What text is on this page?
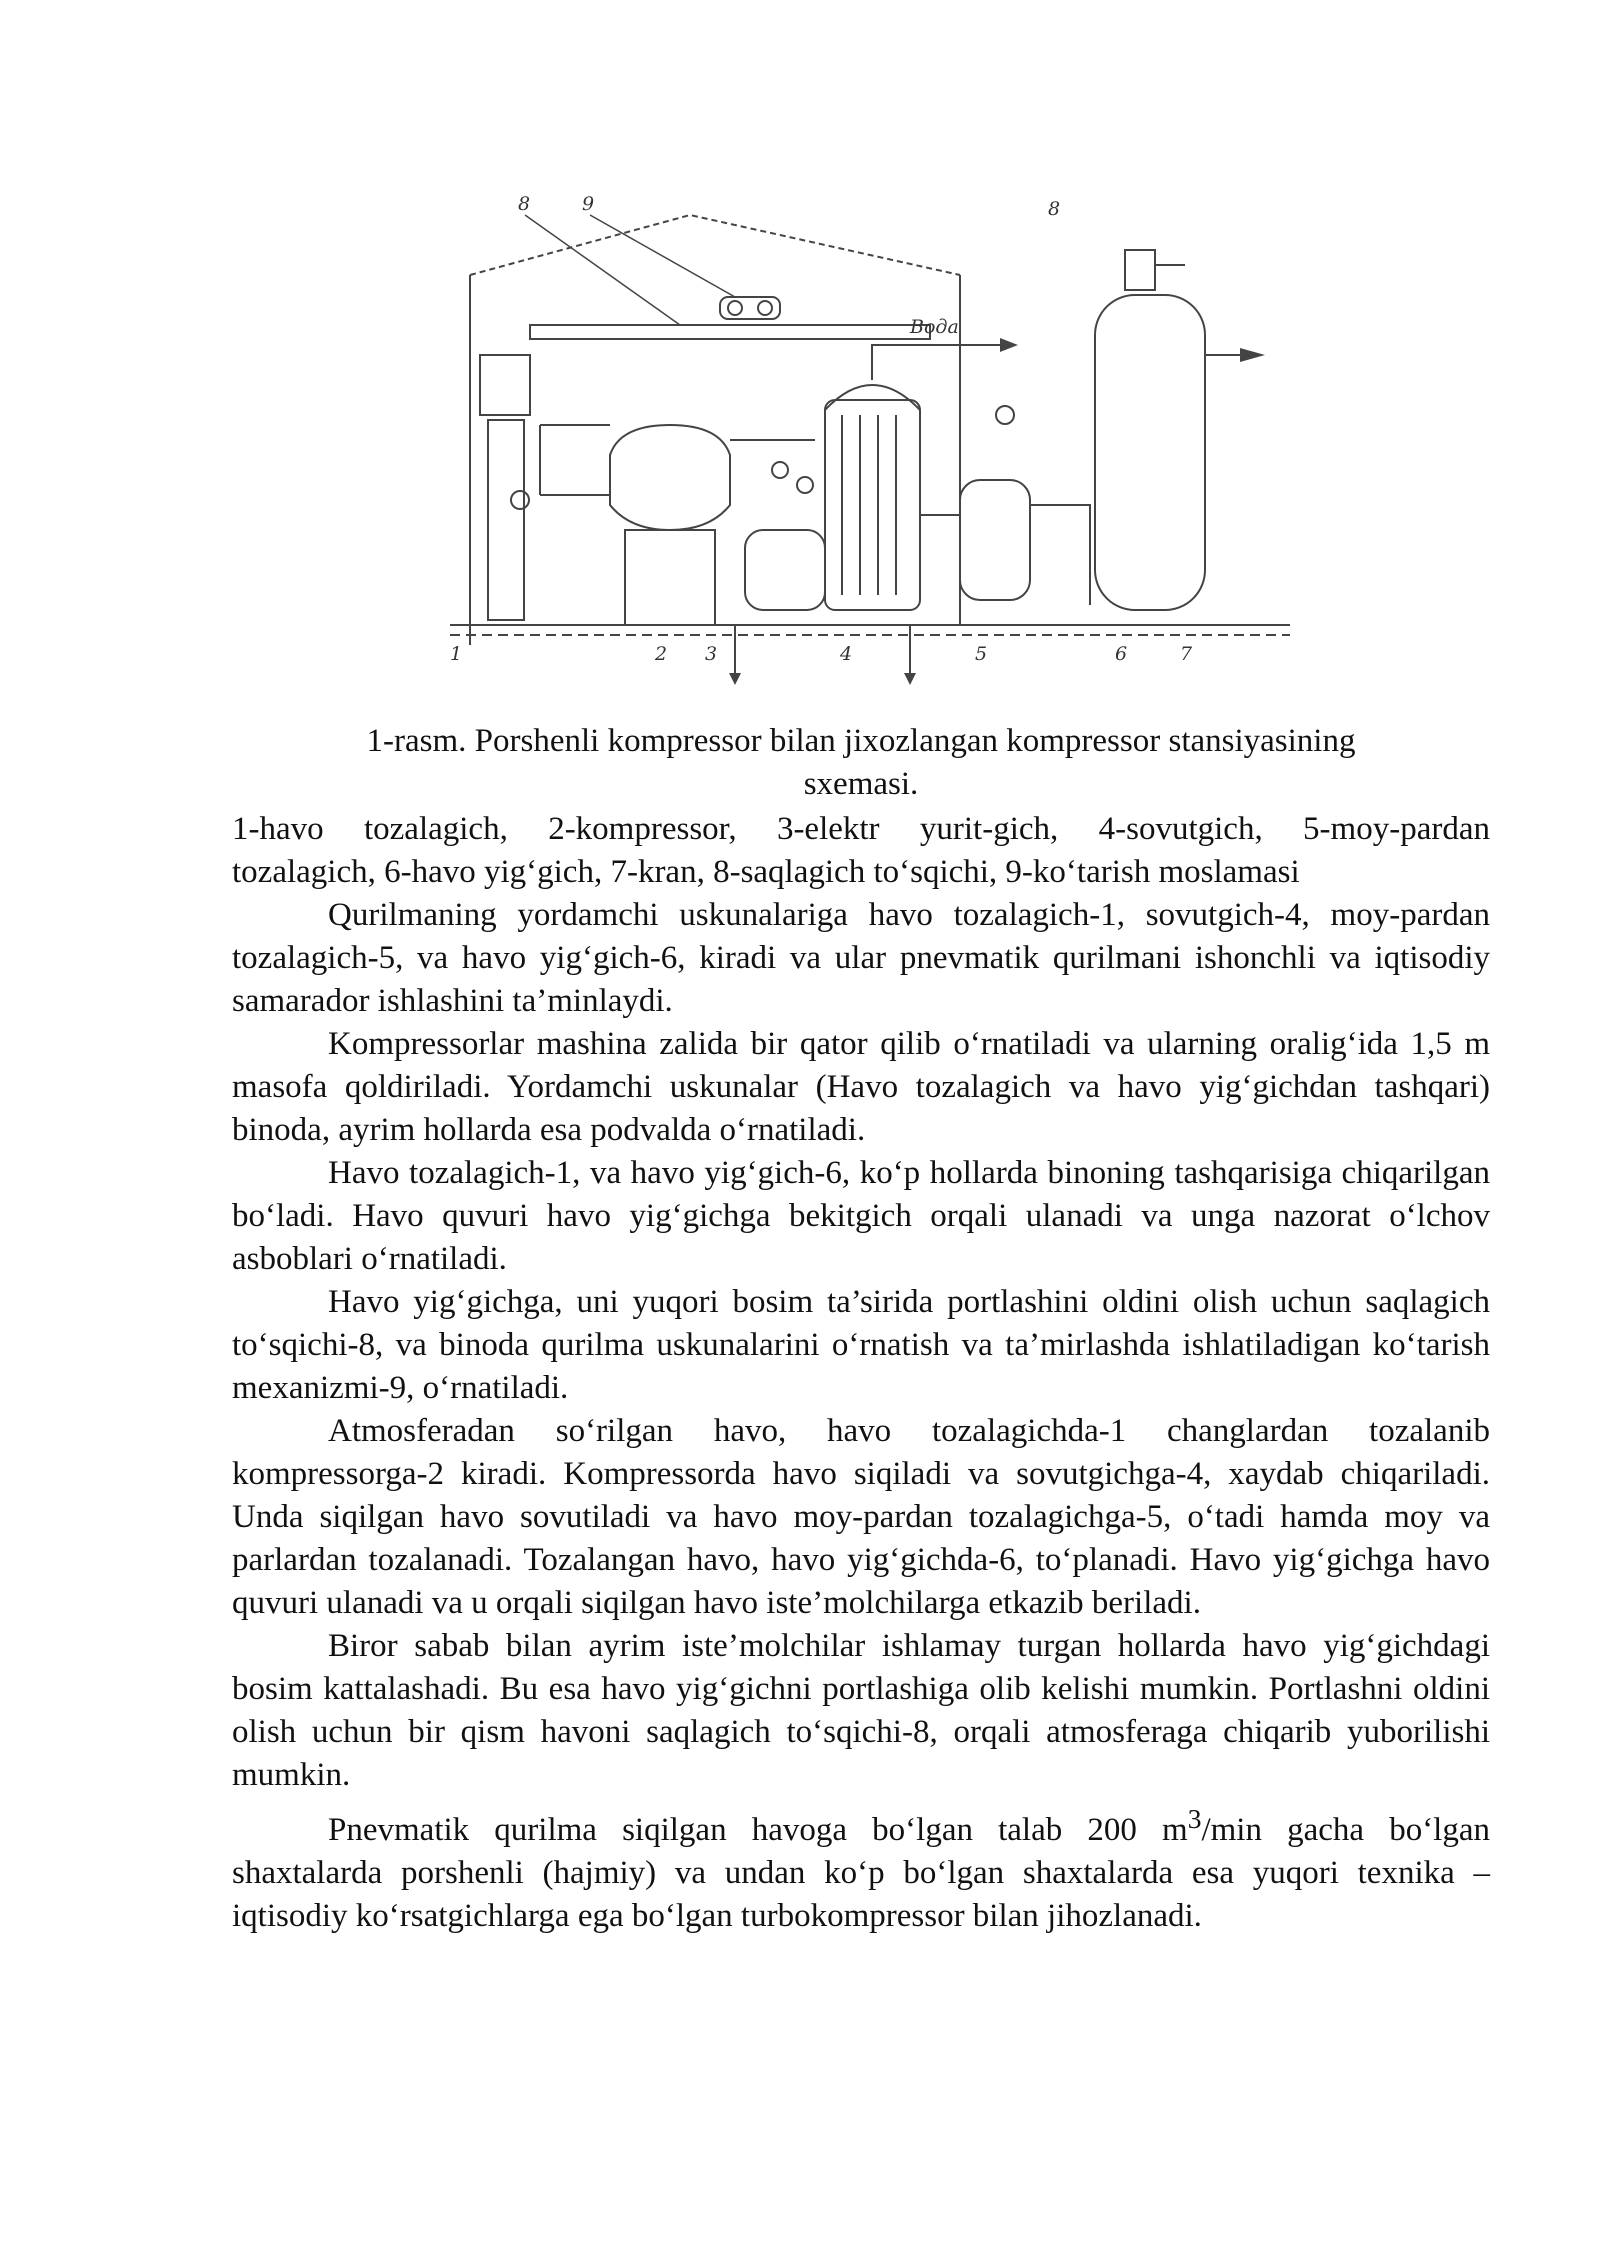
1	2 3	4	5	6	7
8	9	8
Вода
1-rasm. Porshenli kompressor bilan jixozlangan kompressor stansiyasining
sxemasi.
1-havo tozalagich, 2-kompressor, 3-elektr yurit-gich, 4-sovutgich, 5-moy-pardan
tozalagich, 6-havo yig‘gich, 7-kran, 8-saqlagich to‘sqichi, 9-ko‘tarish moslamasi

Qurilmaning yordamchi uskunalariga havo tozalagich-1, sovutgich-4, moy-pardan tozalagich-5, va havo yig‘gich-6, kiradi va ular pnevmatik qurilmani ishonchli va iqtisodiy samarador ishlashini ta’minlaydi.

Kompressorlar mashina zalida bir qator qilib o‘rnatiladi va ularning oralig‘ida 1,5 m masofa qoldiriladi. Yordamchi uskunalar (Havo tozalagich va havo yig‘gichdan tashqari) binoda, ayrim hollarda esa podvalda o‘rnatiladi.

Havo tozalagich-1, va havo yig‘gich-6, ko‘p hollarda binoning tashqarisiga chiqarilgan bo‘ladi. Havo quvuri havo yig‘gichga bekitgich orqali ulanadi va unga nazorat o‘lchov asboblari o‘rnatiladi.

Havo yig‘gichga, uni yuqori bosim ta’sirida portlashini oldini olish uchun saqlagich to‘sqichi-8, va binoda qurilma uskunalarini o‘rnatish va ta’mirlashda ishlatiladigan ko‘tarish mexanizmi-9, o‘rnatiladi.

Atmosferadan so‘rilgan havo, havo tozalagichda-1 changlardan tozalanib kompressorga-2 kiradi. Kompressorda havo siqiladi va sovutgichga-4, xaydab chiqariladi. Unda siqilgan havo sovutiladi va havo moy-pardan tozalagichga-5, o‘tadi hamda moy va parlardan tozalanadi. Tozalangan havo, havo yig‘gichda-6, to‘planadi. Havo yig‘gichga havo quvuri ulanadi va u orqali siqilgan havo iste’molchilarga etkazib beriladi.

Biror sabab bilan ayrim iste’molchilar ishlamay turgan hollarda havo yig‘gichdagi bosim kattalashadi. Bu esa havo yig‘gichni portlashiga olib kelishi mumkin. Portlashni oldini olish uchun bir qism havoni saqlagich to‘sqichi-8, orqali atmosferaga chiqarib yuborilishi mumkin.

Pnevmatik qurilma siqilgan havoga bo‘lgan talab 200 $m^3/\min$ gacha bo‘lgan shaxtalarda porshenli (hajmiy) va undan ko‘p bo‘lgan shaxtalarda esa yuqori texnika – iqtisodiy ko‘rsatgichlarga ega bo‘lgan turbokompressor bilan jihozlanadi.
